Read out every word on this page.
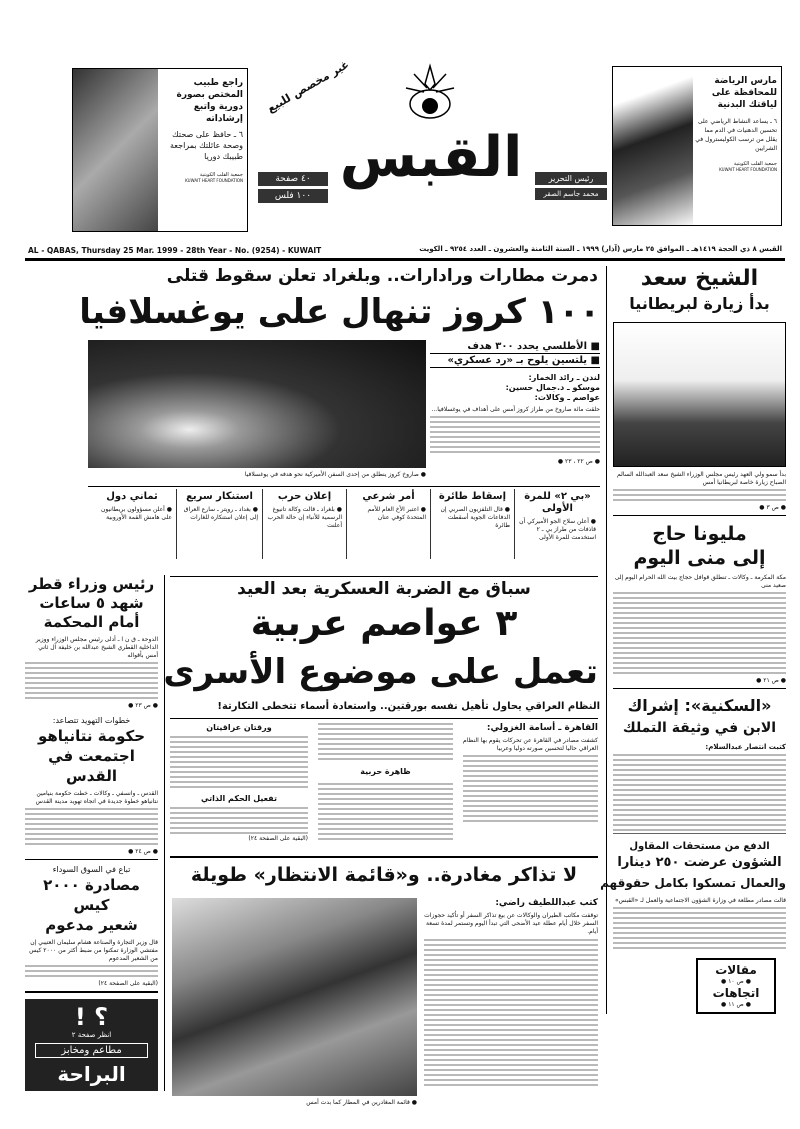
راجع طبيب المختص بصورة دورية واتبع إرشاداته
٦ ـ حافظ على صحتك وصحة عائلتك بمراجعة طبيبك دوريا
جمعية القلب الكويتية
KUWAIT HEART FOUNDATION
غير مخصص للبيع
٤٠ صفحة
١٠٠ فلس
القبس	رئيس التحرير
محمد جاسم الصقر
مارس الرياضة للمحافظة على لياقتك البدنية
٦ ـ يساعد النشاط الرياضي على تحسين الدهنيات في الدم مما يقلل من ترسب الكوليسترول في الشرايين
جمعية القلب الكويتية
KUWAIT HEART FOUNDATION
AL - QABAS, Thursday 25 Mar. 1999 - 28th Year - No. (9254) - KUWAIT	القبس ٨ ذي الحجة ١٤١٩هـ ـ الموافق ٢٥ مارس (آذار) ١٩٩٩ ـ السنة الثامنة والعشرون ـ العدد ٩٢٥٤ ـ الكويت
دمرت مطارات ورادارات.. وبلغراد تعلن سقوط قتلى
١٠٠ كروز تنهال على يوغسلافيا
■ الأطلسي يحدد ٣٠٠ هدف
■ يلتسين يلوح بـ «رد عسكري»
لندن ـ رائد الخمار:
موسكو ـ د.جمال حسين:
عواصم ـ وكالات:
حلقت مائة صاروخ من طراز كروز أمس على أهداف في يوغسلافيا...
● ص ٢٢ ، ٢٣ ●
● صاروخ كروز ينطلق من إحدى السفن الأميركية نحو هدفه في يوغسلافيا
«بي ٢» للمرة الأولى
● أعلن سلاح الجو الأميركي أن قاذفات من طراز بي ـ ٢ استخدمت للمرة الأولى
إسقاط طائرة
● قال التلفزيون الصربي إن الدفاعات الجوية أسقطت طائرة
أمر شرعي
● اعتبر الأخ العام للأمم المتحدة كوفي عنان
إعلان حرب
● بلغراد ـ قالت وكالة تانيوغ الرسمية للأنباء إن حالة الحرب أعلنت
استنكار سريع
● بغداد ـ رويتر ـ سارع العراق إلى إعلان استنكاره للغارات
ثماني دول
● أعلن مسؤولون بريطانيون على هامش القمة الأوروبية
رئيس وزراء قطر شهد ٥ ساعات أمام المحكمة
الدوحة ـ ق ن ا ـ أدلى رئيس مجلس الوزراء ووزير الداخلية القطري الشيخ عبدالله بن خليفة آل ثاني أمس بأقواله
● ص ٢٣ ●
خطوات التهويد تتصاعد:
حكومة نتانياهو اجتمعت في القدس
القدس ـ وانسفي ـ وكالات ـ خطت حكومة بنيامين نتانياهو خطوة جديدة في اتجاه تهويد مدينة القدس
● ص ٢٤ ●
تباع في السوق السوداء
مصادرة ٢٠٠٠ كيس
شعير مدعوم
قال وزير التجارة والصناعة هشام سليمان العتيبي إن مفتشي الوزارة تمكنوا من ضبط أكثر من ٢٠٠٠ كيس من الشعير المدعوم
(البقية على الصفحة ٢٤)
؟ !
انظر صفحة ٢
مطاعم ومخابز
البراحة
سباق مع الضربة العسكرية بعد العيد
٣ عواصم عربية
تعمل على موضوع الأسرى
النظام العراقي يحاول تأهيل نفسه بورقتين.. واستعادة أسماء تتخطى التكارتة!
القاهرة ـ أسامة الغزولي:
كشفت مصادر في القاهرة عن تحركات يقوم بها النظام العراقي حاليا لتحسين صورته دوليا وعربيا
ظاهرة حربية
ورقتان عراقيتان
تفعيل الحكم الذاتي
(البقية على الصفحة ٢٤)
لا تذاكر مغادرة.. و«قائمة الانتظار» طويلة
● قائمة المغادرين في المطار كما بدت أمس
كتب عبداللطيف راضي:
توقفت مكاتب الطيران والوكالات عن بيع تذاكر السفر أو تأكيد حجوزات السفر خلال أيام عطلة عيد الأضحى التي تبدأ اليوم وتستمر لمدة تسعة أيام.
الشيخ سعد
بدأ زيارة لبريطانيا
بدأ سمو ولي العهد رئيس مجلس الوزراء الشيخ سعد العبدالله السالم الصباح زيارة خاصة لبريطانيا أمس
● ص ٣ ●
مليونا حاج
إلى منى اليوم
مكة المكرمة ـ وكالات ـ تنطلق قوافل حجاج بيت الله الحرام اليوم إلى صعيد منى
● ص ٢١ ●
«السكنية»: إشراك
الابن في وثيقة التملك
كتبت انتصار عبدالسلام:
الدفع من مستحقات المقاول
الشؤون عرضت ٢٥٠ دينارا
والعمال تمسكوا بكامل حقوقهم
قالت مصادر مطلعة في وزارة الشؤون الاجتماعية والعمل لـ «القبس»
مقالات
● ص ١٠ ●
اتجاهات
● ص ١١ ●
